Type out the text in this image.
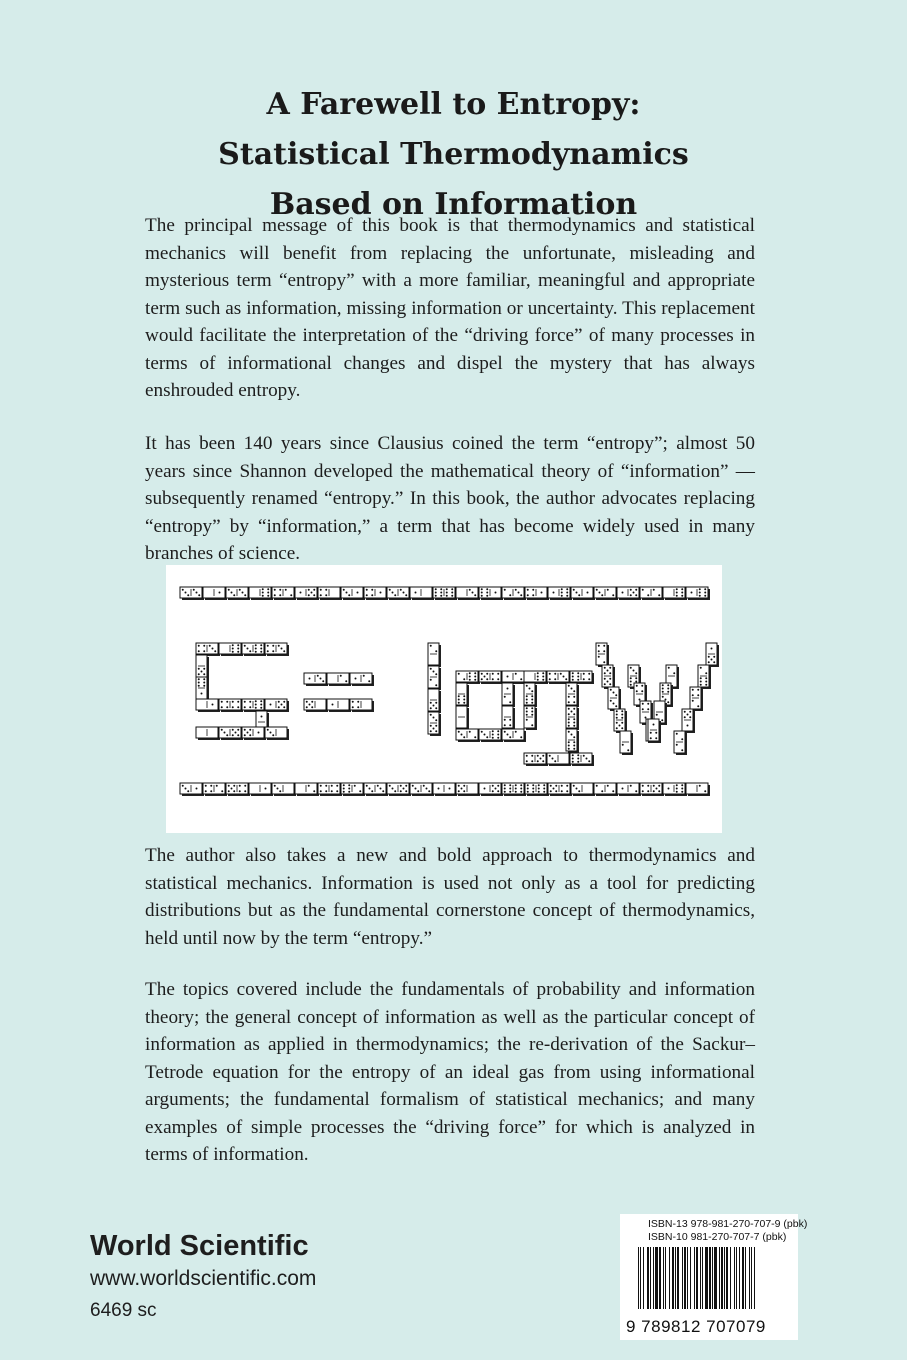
A Farewell to Entropy:
Statistical Thermodynamics
Based on Information
The principal message of this book is that thermodynamics and statistical mechanics will benefit from replacing the unfortunate, misleading and mysterious term “entropy” with a more familiar, meaningful and appropriate term such as information, missing information or uncertainty. This replacement would facilitate the interpretation of the “driving force” of many processes in terms of informational changes and dispel the mystery that has always enshrouded entropy.
It has been 140 years since Clausius coined the term “entropy”; almost 50 years since Shannon developed the mathematical theory of “information” — subsequently renamed “entropy.” In this book, the author advocates replacing “entropy” by “information,” a term that has become widely used in many branches of science.
The author also takes a new and bold approach to thermodynamics and statistical mechanics. Information is used not only as a tool for predicting distributions but as the fundamental cornerstone concept of thermodynamics, held until now by the term “entropy.”
The topics covered include the fundamentals of probability and information theory; the general concept of information as well as the particular concept of information as applied in thermodynamics; the re-derivation of the Sackur–Tetrode equation for the entropy of an ideal gas from using informational arguments; the fundamental formalism of statistical mechanics; and many examples of simple processes the “driving force” for which is analyzed in terms of information.
World Scientific
www.worldscientific.com
6469 sc
ISBN-13 978-981-270-707-9 (pbk)
ISBN-10 981-270-707-7 (pbk)
9 789812 707079
